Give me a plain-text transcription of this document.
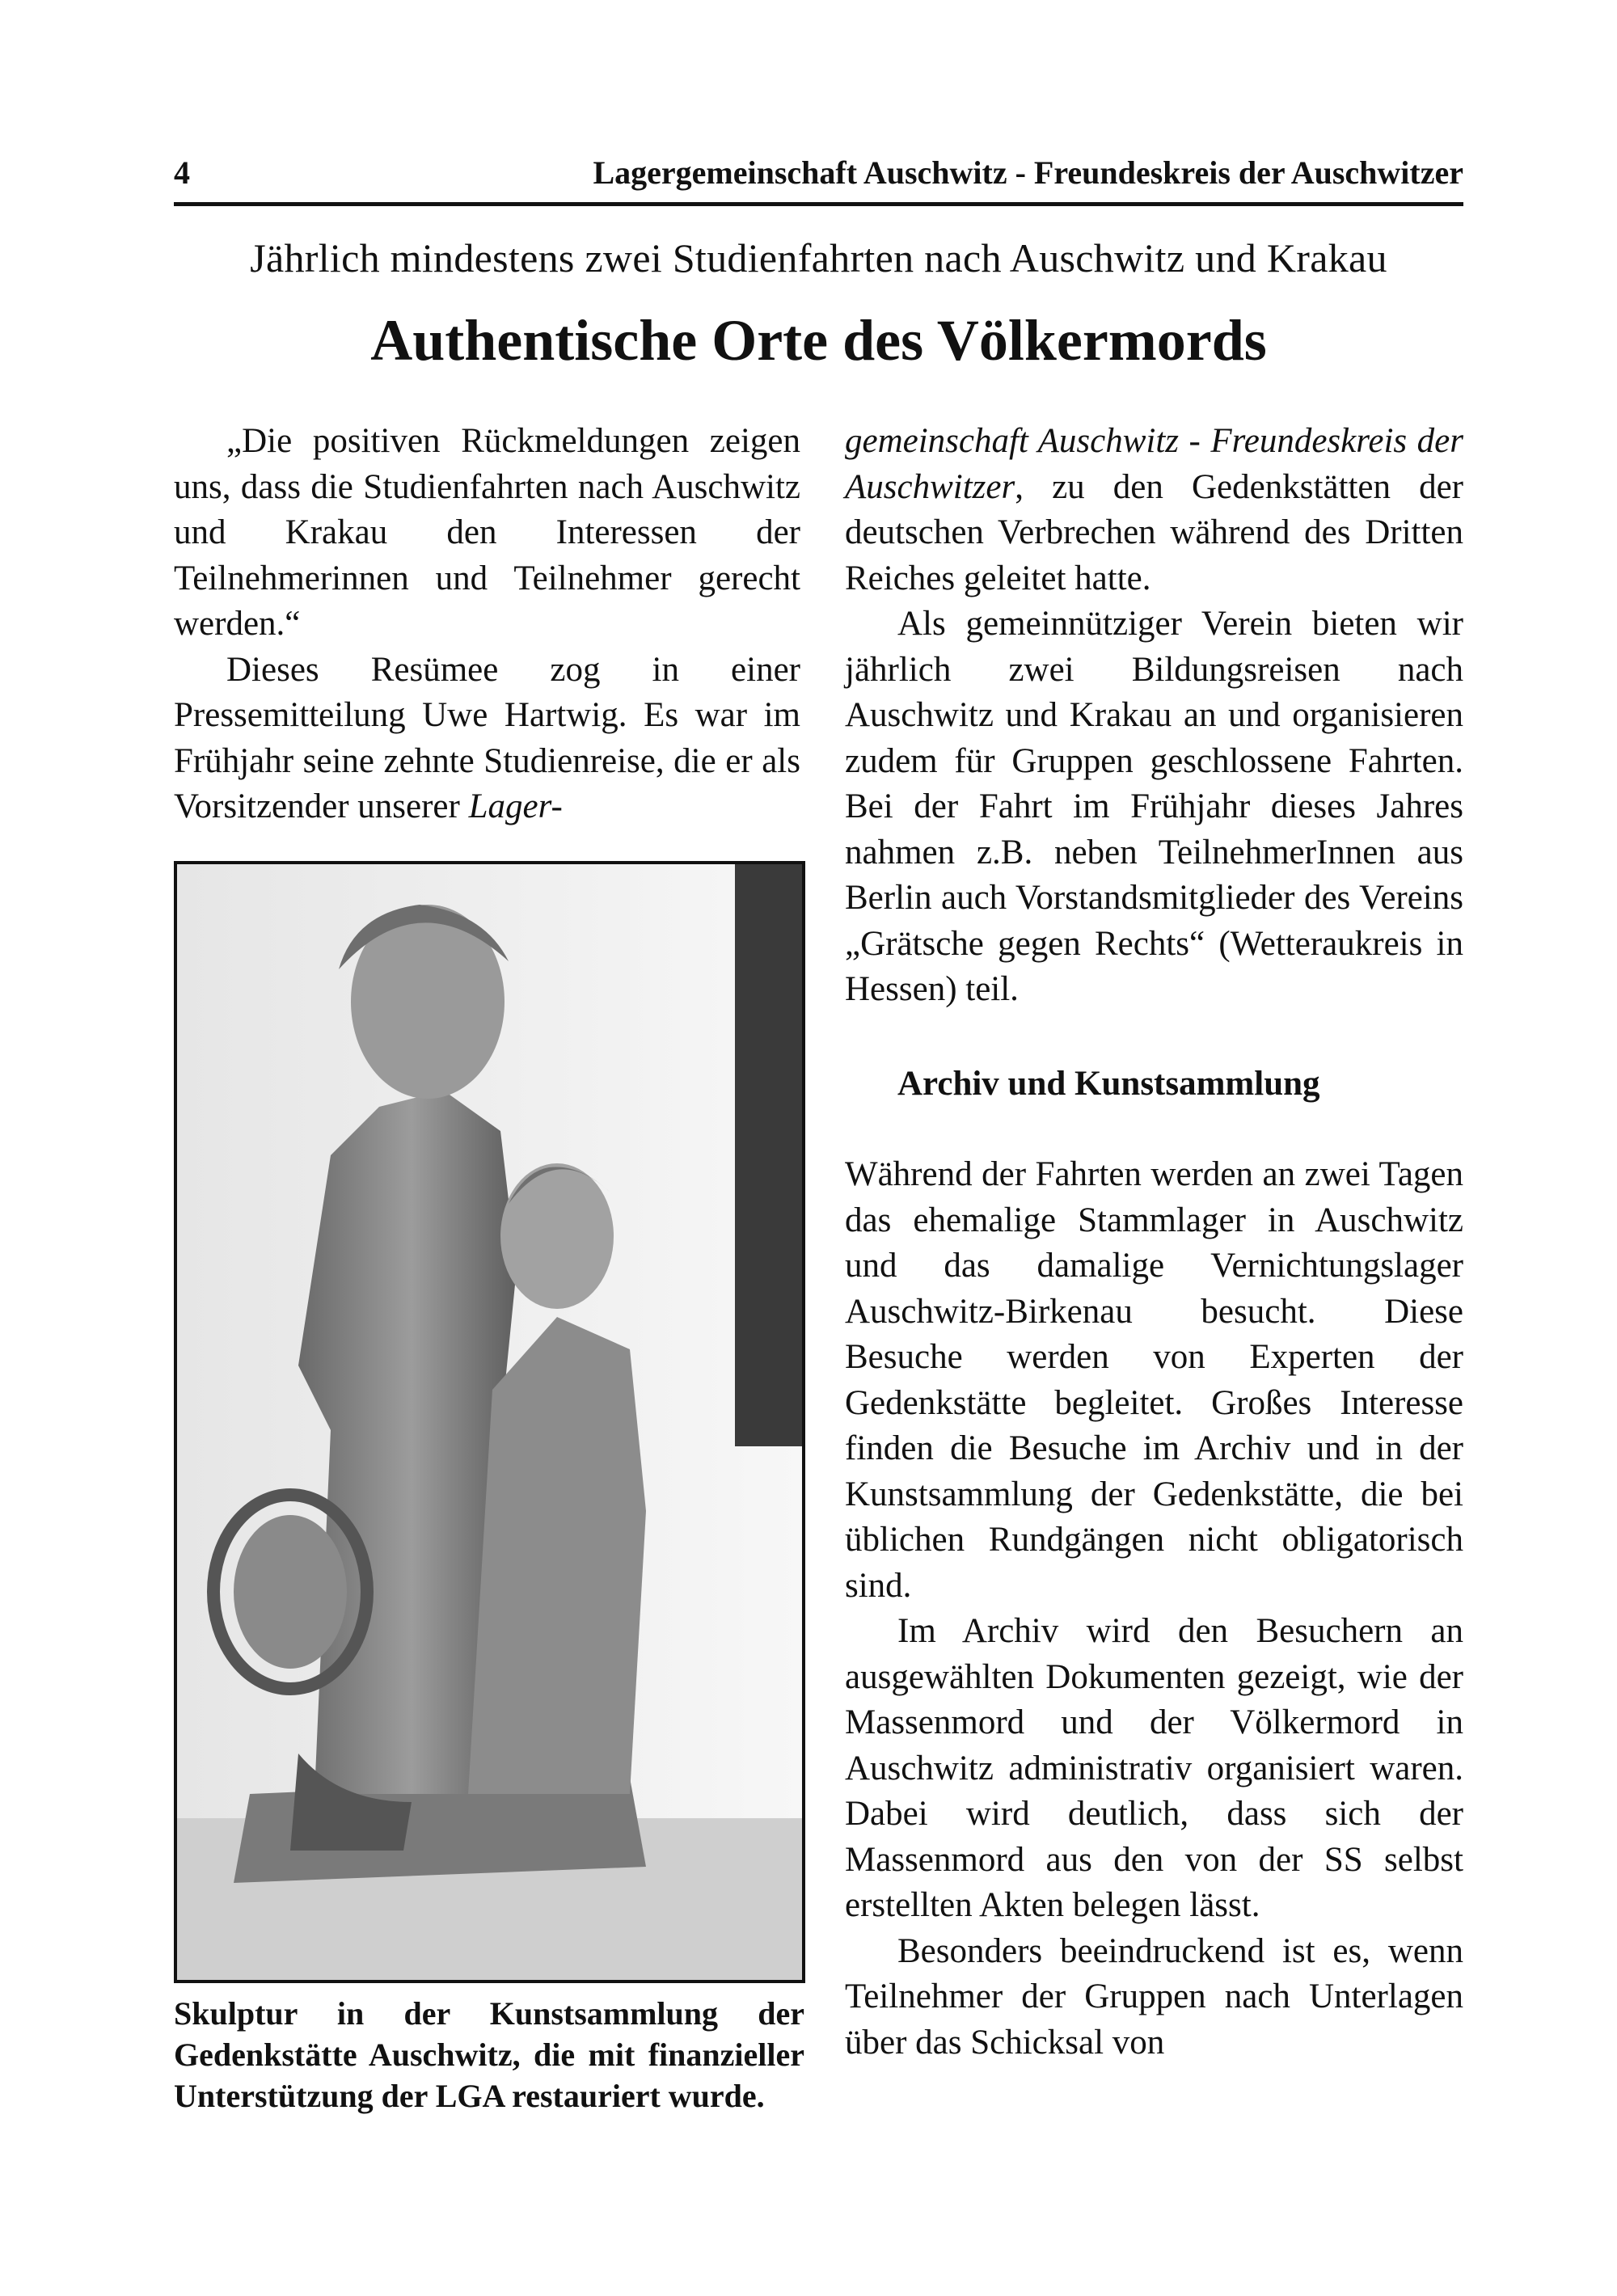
4	Lagergemeinschaft Auschwitz - Freundeskreis der Auschwitzer
Jährlich mindestens zwei Studienfahrten nach Auschwitz und Krakau
Authentische Orte des Völkermords

„Die positiven Rückmeldungen zeigen uns, dass die Studienfahrten nach Auschwitz und Krakau den Interessen der Teilnehmerinnen und Teilnehmer gerecht werden.“

Dieses Resümee zog in einer Pressemitteilung Uwe Hartwig. Es war im Frühjahr seine zehnte Studienreise, die er als Vorsitzender unserer Lager-

Skulptur in der Kunstsammlung der Gedenkstätte Auschwitz, die mit finanzieller Unterstützung der LGA restauriert wurde.

gemeinschaft Auschwitz - Freundeskreis der Auschwitzer, zu den Gedenkstätten der deutschen Verbrechen während des Dritten Reiches geleitet hatte.

Als gemeinnütziger Verein bieten wir jährlich zwei Bildungsreisen nach Auschwitz und Krakau an und organisieren zudem für Gruppen geschlossene Fahrten. Bei der Fahrt im Frühjahr dieses Jahres nahmen z.B. neben TeilnehmerInnen aus Berlin auch Vorstandsmitglieder des Vereins „Grätsche gegen Rechts“ (Wetteraukreis in Hessen) teil.

Archiv und Kunstsammlung

Während der Fahrten werden an zwei Tagen das ehemalige Stammlager in Auschwitz und das damalige Vernichtungslager Auschwitz-Birkenau besucht. Diese Besuche werden von Experten der Gedenkstätte begleitet. Großes Interesse finden die Besuche im Archiv und in der Kunstsammlung der Gedenkstätte, die bei üblichen Rundgängen nicht obligatorisch sind.

Im Archiv wird den Besuchern an ausgewählten Dokumenten gezeigt, wie der Massenmord und der Völkermord in Auschwitz administrativ organisiert waren. Dabei wird deutlich, dass sich der Massenmord aus den von der SS selbst erstellten Akten belegen lässt.

Besonders beeindruckend ist es, wenn Teilnehmer der Gruppen nach Unterlagen über das Schicksal von
